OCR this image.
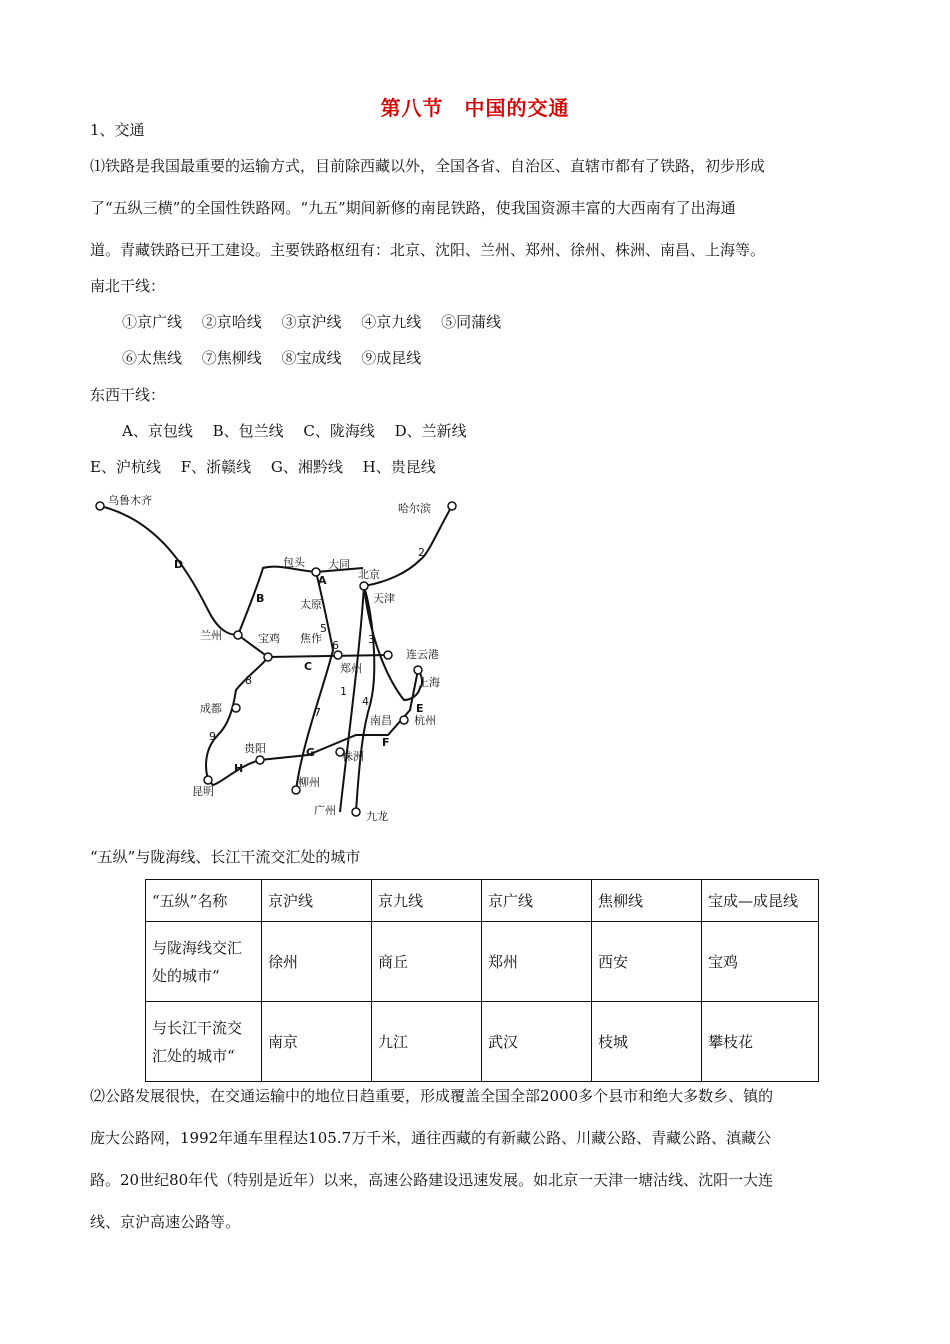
第八节　中国的交通
1、交通

⑴铁路是我国最重要的运输方式，目前除西藏以外，全国各省、自治区、直辖市都有了铁路，初步形成

了“五纵三横”的全国性铁路网。“九五”期间新修的南昆铁路，使我国资源丰富的大西南有了出海通

道。青藏铁路已开工建设。主要铁路枢纽有：北京、沈阳、兰州、郑州、徐州、株洲、南昌、上海等。

南北干线：
①京广线　 ②京哈线　 ③京沪线　 ④京九线　 ⑤同蒲线
⑥太焦线　 ⑦焦柳线　 ⑧宝成线　 ⑨成昆线
东西干线：
A、京包线　 B、包兰线　 C、陇海线　 D、兰新线
E、沪杭线　 F、浙赣线　 G、湘黔线　 H、贵昆线
乌鲁木齐
哈尔滨
包头 大同
北京
天津
太原
兰州	宝鸡 焦作
连云港
郑州
上海
成都
杭州
南昌
贵阳
株洲
昆明
柳州
广州	九龙
A
B
C
D
E
F
G
H
1
2
3
4
5
6
7
8
9
“五纵”与陇海线、长江干流交汇处的城市
“五纵”名称	京沪线	京九线	京广线	焦柳线	宝成—成昆线

与陇海线交汇
处的城市“	徐州	商丘	郑州	西安	宝鸡

与长江干流交
汇处的城市“	南京	九江	武汉	枝城	攀枝花

⑵公路发展很快，在交通运输中的地位日趋重要，形成覆盖全国全部2000多个县市和绝大多数乡、镇的

庞大公路网，1992年通车里程达105.7万千米，通往西藏的有新藏公路、川藏公路、青藏公路、滇藏公

路。20世纪80年代（特别是近年）以来，高速公路建设迅速发展。如北京一天津一塘沽线、沈阳一大连

线、京沪高速公路等。
